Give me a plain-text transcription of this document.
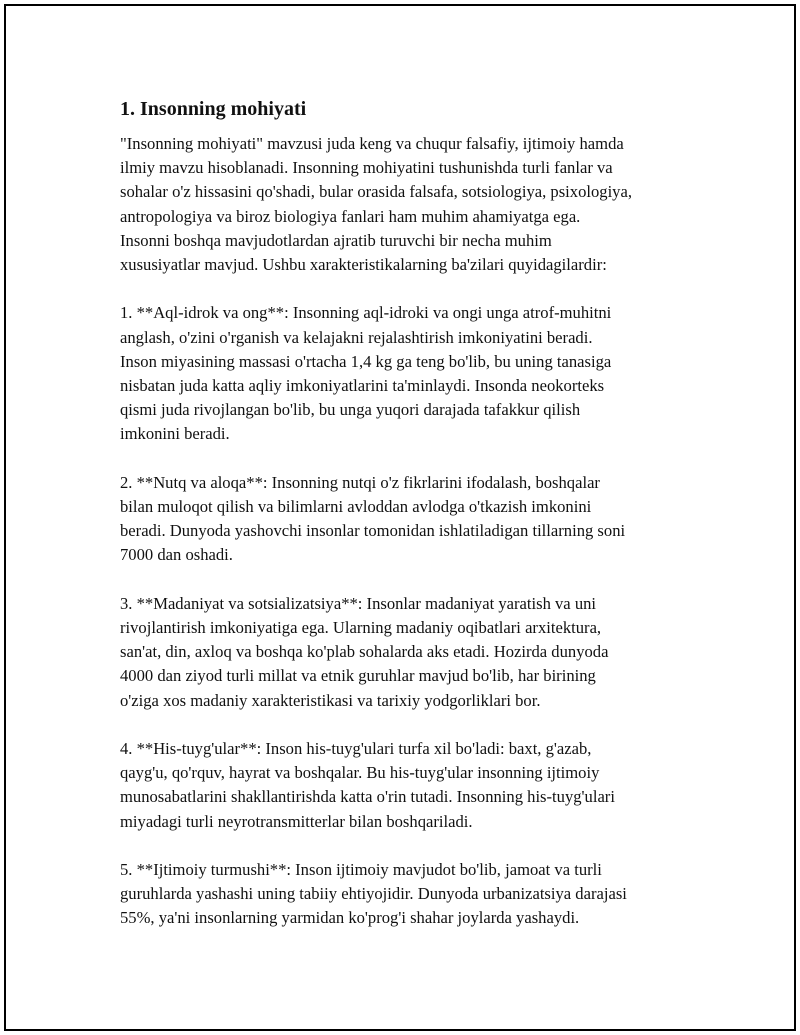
1. Insonning mohiyati
"Insonning mohiyati" mavzusi juda keng va chuqur falsafiy, ijtimoiy hamda
ilmiy mavzu hisoblanadi. Insonning mohiyatini tushunishda turli fanlar va
sohalar o'z hissasini qo'shadi, bular orasida falsafa, sotsiologiya, psixologiya,
antropologiya va biroz biologiya fanlari ham muhim ahamiyatga ega.
Insonni boshqa mavjudotlardan ajratib turuvchi bir necha muhim
xususiyatlar mavjud. Ushbu xarakteristikalarning ba'zilari quyidagilardir:
1. **Aql-idrok va ong**: Insonning aql-idroki va ongi unga atrof-muhitni
anglash, o'zini o'rganish va kelajakni rejalashtirish imkoniyatini beradi.
Inson miyasining massasi o'rtacha 1,4 kg ga teng bo'lib, bu uning tanasiga
nisbatan juda katta aqliy imkoniyatlarini ta'minlaydi. Insonda neokorteks
qismi juda rivojlangan bo'lib, bu unga yuqori darajada tafakkur qilish
imkonini beradi.
2. **Nutq va aloqa**: Insonning nutqi o'z fikrlarini ifodalash, boshqalar
bilan muloqot qilish va bilimlarni avloddan avlodga o'tkazish imkonini
beradi. Dunyoda yashovchi insonlar tomonidan ishlatiladigan tillarning soni
7000 dan oshadi.
3. **Madaniyat va sotsializatsiya**: Insonlar madaniyat yaratish va uni
rivojlantirish imkoniyatiga ega. Ularning madaniy oqibatlari arxitektura,
san'at, din, axloq va boshqa ko'plab sohalarda aks etadi. Hozirda dunyoda
4000 dan ziyod turli millat va etnik guruhlar mavjud bo'lib, har birining
o'ziga xos madaniy xarakteristikasi va tarixiy yodgorliklari bor.
4. **His-tuyg'ular**: Inson his-tuyg'ulari turfa xil bo'ladi: baxt, g'azab,
qayg'u, qo'rquv, hayrat va boshqalar. Bu his-tuyg'ular insonning ijtimoiy
munosabatlarini shakllantirishda katta o'rin tutadi. Insonning his-tuyg'ulari
miyadagi turli neyrotransmitterlar bilan boshqariladi.
5. **Ijtimoiy turmushi**: Inson ijtimoiy mavjudot bo'lib, jamoat va turli
guruhlarda yashashi uning tabiiy ehtiyojidir. Dunyoda urbanizatsiya darajasi
55%, ya'ni insonlarning yarmidan ko'prog'i shahar joylarda yashaydi.
